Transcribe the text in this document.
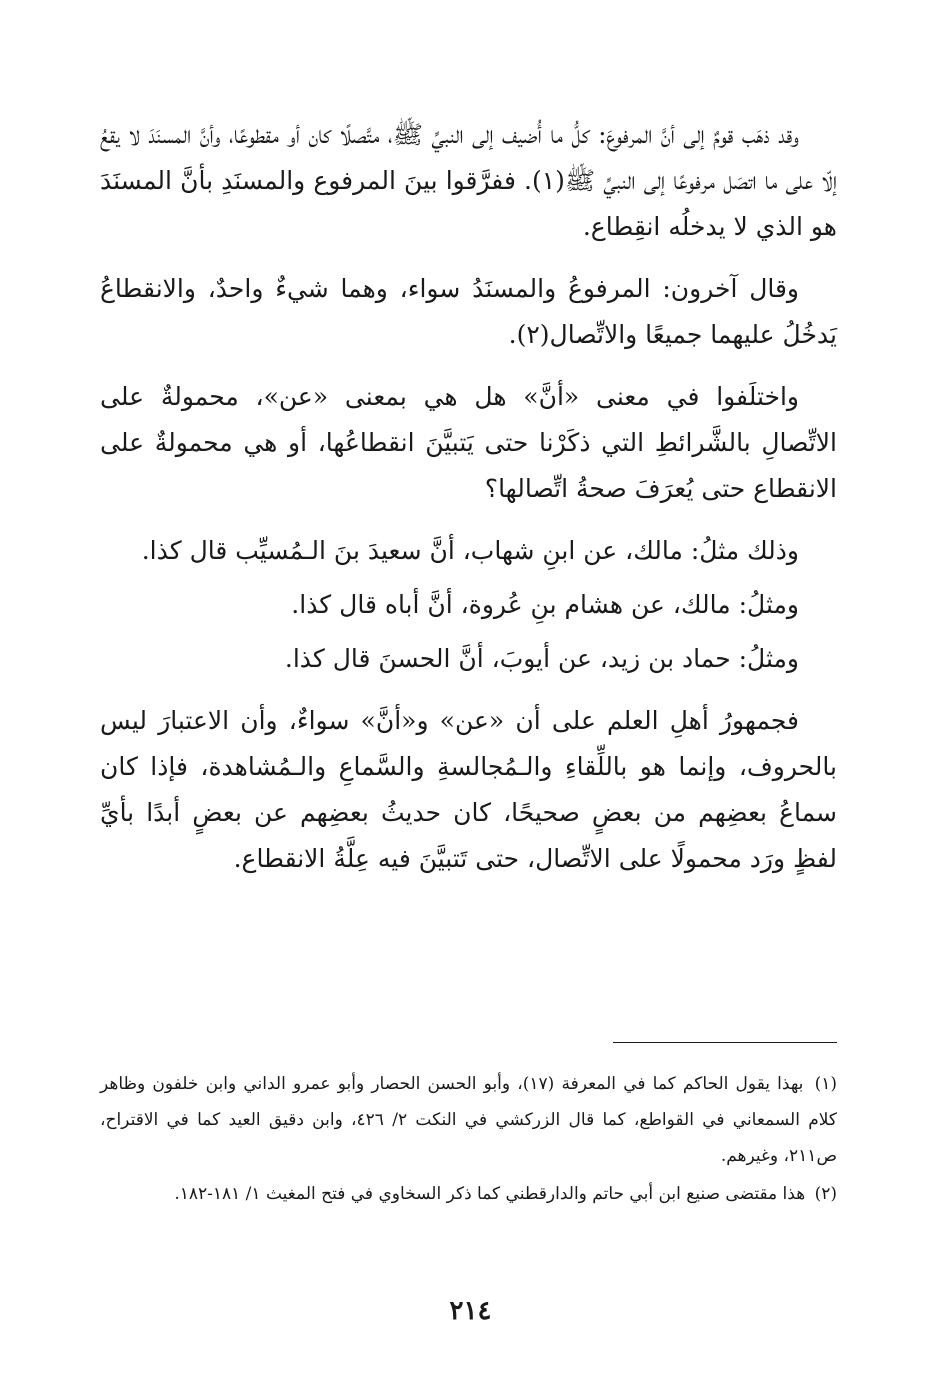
وقد ذهَب قومٌ إلى أنَّ المرفوعَ: كلُّ ما أُضيف إلى النبيِّ ﷺ، متَّصلًا كان أو مقطوعًا، وأنَّ المسنَدَ لا يقعُ إلّا على ما اتصَل مرفوعًا إلى النبيِّ ﷺ(١). ففرَّقوا بينَ المرفوع والمسنَدِ بأنَّ المسنَدَ هو الذي لا يدخلُه انقِطاع.

وقال آخرون: المرفوعُ والمسنَدُ سواء، وهما شيءٌ واحدٌ، والانقطاعُ يَدخُلُ عليهما جميعًا والاتِّصال(٢).

واختلَفوا في معنى «أنَّ» هل هي بمعنى «عن»، محمولةٌ على الاتِّصالِ بالشَّرائطِ التي ذكَرْنا حتى يَتبيَّنَ انقطاعُها، أو هي محمولةٌ على الانقطاع حتى يُعرَفَ صحةُ اتِّصالها؟

وذلك مثلُ: مالك، عن ابنِ شهاب، أنَّ سعيدَ بنَ الـمُسيِّب قال كذا.

ومثلُ: مالك، عن هشام بنِ عُروة، أنَّ أباه قال كذا.

ومثلُ: حماد بن زيد، عن أيوبَ، أنَّ الحسنَ قال كذا.

فجمهورُ أهلِ العلم على أن «عن» و«أنَّ» سواءٌ، وأن الاعتبارَ ليس بالحروف، وإنما هو باللِّقاءِ والـمُجالسةِ والسَّماعِ والـمُشاهدة، فإذا كان سماعُ بعضِهم من بعضٍ صحيحًا، كان حديثُ بعضِهم عن بعضٍ أبدًا بأيِّ لفظٍ ورَد محمولًا على الاتِّصال، حتى تَتبيَّنَ فيه عِلَّةُ الانقطاع.

(١) بهذا يقول الحاكم كما في المعرفة (١٧)، وأبو الحسن الحصار وأبو عمرو الداني وابن خلفون وظاهر كلام السمعاني في القواطع، كما قال الزركشي في النكت ٢/ ٤٢٦، وابن دقيق العيد كما في الاقتراح، ص٢١١، وغيرهم.

(٢) هذا مقتضى صنيع ابن أبي حاتم والدارقطني كما ذكر السخاوي في فتح المغيث ١/ ١٨١-١٨٢.

٢١٤
